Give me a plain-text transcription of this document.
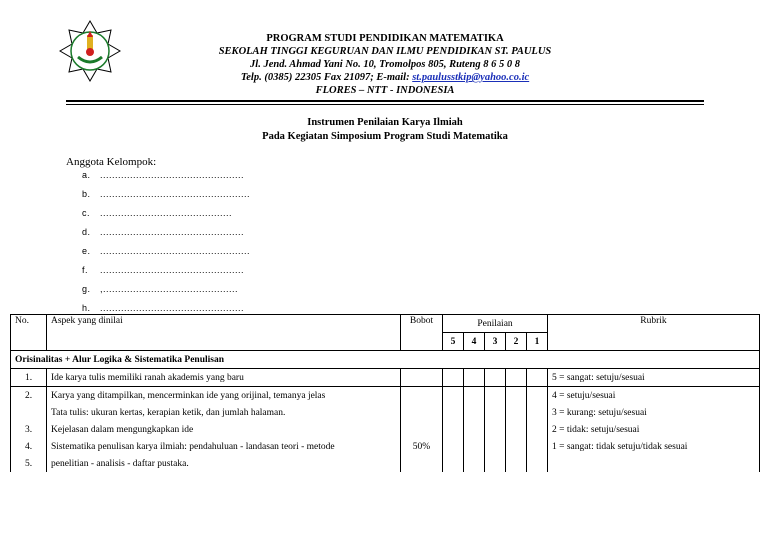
PROGRAM STUDI PENDIDIKAN MATEMATIKA
SEKOLAH TINGGI KEGURUAN DAN ILMU PENDIDIKAN ST. PAULUS
Jl. Jend. Ahmad Yani No. 10, Tromolpos 805, Ruteng 8 6 5 0 8
Telp. (0385) 22305 Fax 21097; E-mail: st.paulusstkip@yahoo.co.ic
FLORES – NTT - INDONESIA
Instrumen Penilaian Karya Ilmiah
Pada Kegiatan Simposium Program Studi Matematika
Anggota Kelompok:
a. ................................................
b. ..................................................
c. ............................................
d. ................................................
e. ..................................................
f. ................................................
g. ,.............................................
h. ................................................
No.	Aspek yang dinilai	Bobot	Penilaian					Rubrik
			5	4	3	2	1	
Orisinalitas + Alur Logika & Sistematika Penulisan								
1.	Ide karya tulis memiliki ranah akademis yang baru							5 = sangat: setuju/sesuai
2.	Karya yang ditampilkan, mencerminkan ide yang orijinal, temanya jelas							4 = setuju/sesuai
	Tata tulis: ukuran kertas, kerapian ketik, dan jumlah halaman.							3 = kurang: setuju/sesuai
3.	Kejelasan dalam mengungkapkan ide							2 = tidak: setuju/sesuai
4.	Sistematika penulisan karya ilmiah: pendahuluan - landasan teori - metode	50%						1 = sangat: tidak setuju/tidak sesuai
5.	penelitian - analisis - daftar pustaka.							
